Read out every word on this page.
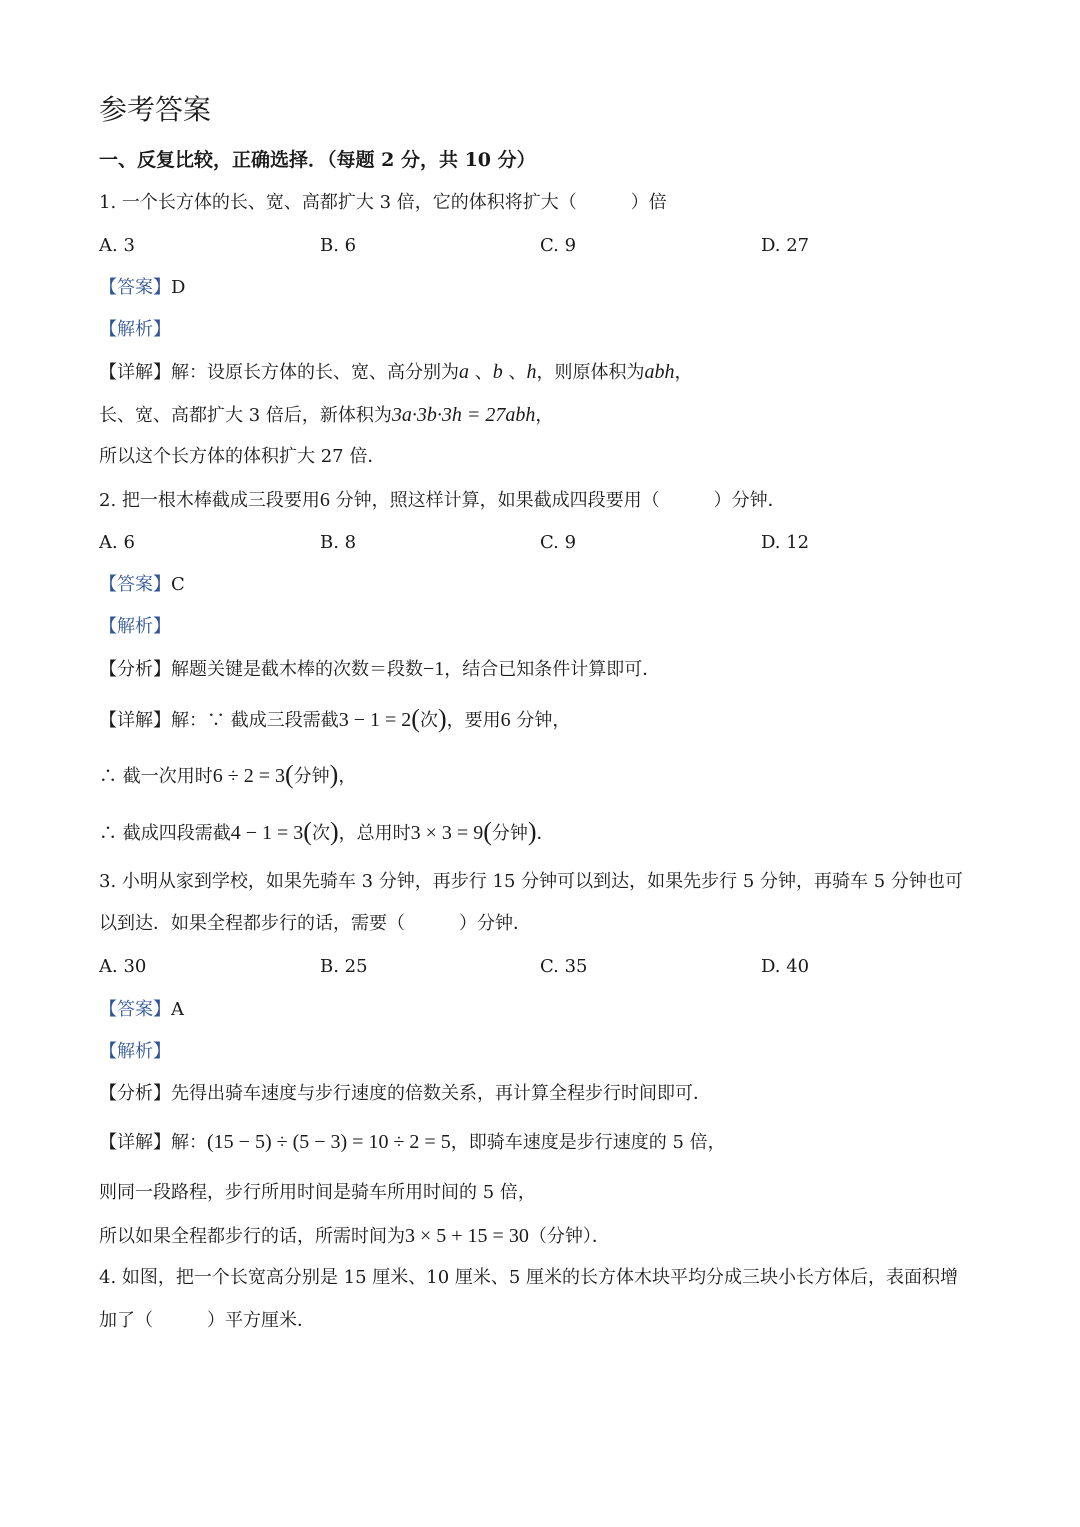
参考答案
一、反复比较，正确选择．（每题 2 分，共 10 分）
1. 一个长方体的长、宽、高都扩大 3 倍，它的体积将扩大（　　　）倍
A. 3	B. 6	C. 9	D. 27
【答案】D
【解析】
【详解】解：设原长方体的长、宽、高分别为a 、b 、h，则原体积为abh，
长、宽、高都扩大 3 倍后，新体积为3a·3b·3h = 27abh，
所以这个长方体的体积扩大 27 倍．
2. 把一根木棒截成三段要用6 分钟，照这样计算，如果截成四段要用（　　　）分钟．
A. 6	B. 8	C. 9	D. 12
【答案】C
【解析】
【分析】解题关键是截木棒的次数＝段数−1，结合已知条件计算即可．
【详解】解：∵ 截成三段需截3 − 1 = 2(次)，要用6 分钟，
∴ 截一次用时6 ÷ 2 = 3(分钟)，
∴ 截成四段需截4 − 1 = 3(次)，总用时3 × 3 = 9(分钟)．
3. 小明从家到学校，如果先骑车 3 分钟，再步行 15 分钟可以到达，如果先步行 5 分钟，再骑车 5 分钟也可
以到达．如果全程都步行的话，需要（　　　）分钟．
A. 30	B. 25	C. 35	D. 40
【答案】A
【解析】
【分析】先得出骑车速度与步行速度的倍数关系，再计算全程步行时间即可．
【详解】解：(15 − 5) ÷ (5 − 3) = 10 ÷ 2 = 5，即骑车速度是步行速度的 5 倍，
则同一段路程，步行所用时间是骑车所用时间的 5 倍，
所以如果全程都步行的话，所需时间为3 × 5 + 15 = 30（分钟）．
4. 如图，把一个长宽高分别是 15 厘米、10 厘米、5 厘米的长方体木块平均分成三块小长方体后，表面积增
加了（　　　）平方厘米．
